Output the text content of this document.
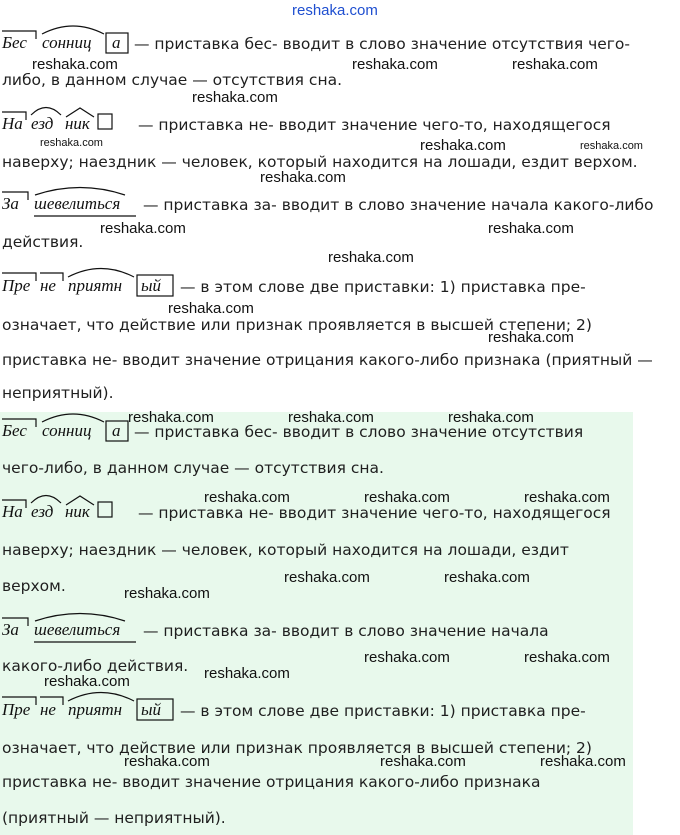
reshaka.com
Бес сонниц а — приставка бес- вводит в слово значение отсутствия чего-
либо, в данном случае — отсутствия сна.
На езд ник	— приставка не- вводит значение чего-то, находящегося
наверху; наездник — человек, который находится на лошади, ездит верхом.
За шевелиться — приставка за- вводит в слово значение начала какого-либо
действия.
Пре не приятн ый — в этом слове две приставки: 1) приставка пре-
означает, что действие или признак проявляется в высшей степени; 2)
приставка не- вводит значение отрицания какого-либо признака (приятный —
неприятный).
Бес сонниц а — приставка бес- вводит в слово значение отсутствия
чего-либо, в данном случае — отсутствия сна.
На езд ник	— приставка не- вводит значение чего-то, находящегося
наверху; наездник — человек, который находится на лошади, ездит
верхом.
За шевелиться — приставка за- вводит в слово значение начала
какого-либо действия.
Пре не приятн ый — в этом слове две приставки: 1) приставка пре-
означает, что действие или признак проявляется в высшей степени; 2)
приставка не- вводит значение отрицания какого-либо признака
(приятный — неприятный).
reshaka.com	reshaka.com	reshaka.com
reshaka.com
reshaka.com	reshaka.com	reshaka.com
reshaka.com
reshaka.com	reshaka.com
reshaka.com
reshaka.com
reshaka.com
reshaka.com	reshaka.com	reshaka.com
reshaka.com	reshaka.com	reshaka.com
reshaka.com	reshaka.com
reshaka.com
reshaka.com	reshaka.com
reshaka.com
reshaka.com
reshaka.com	reshaka.com	reshaka.com
